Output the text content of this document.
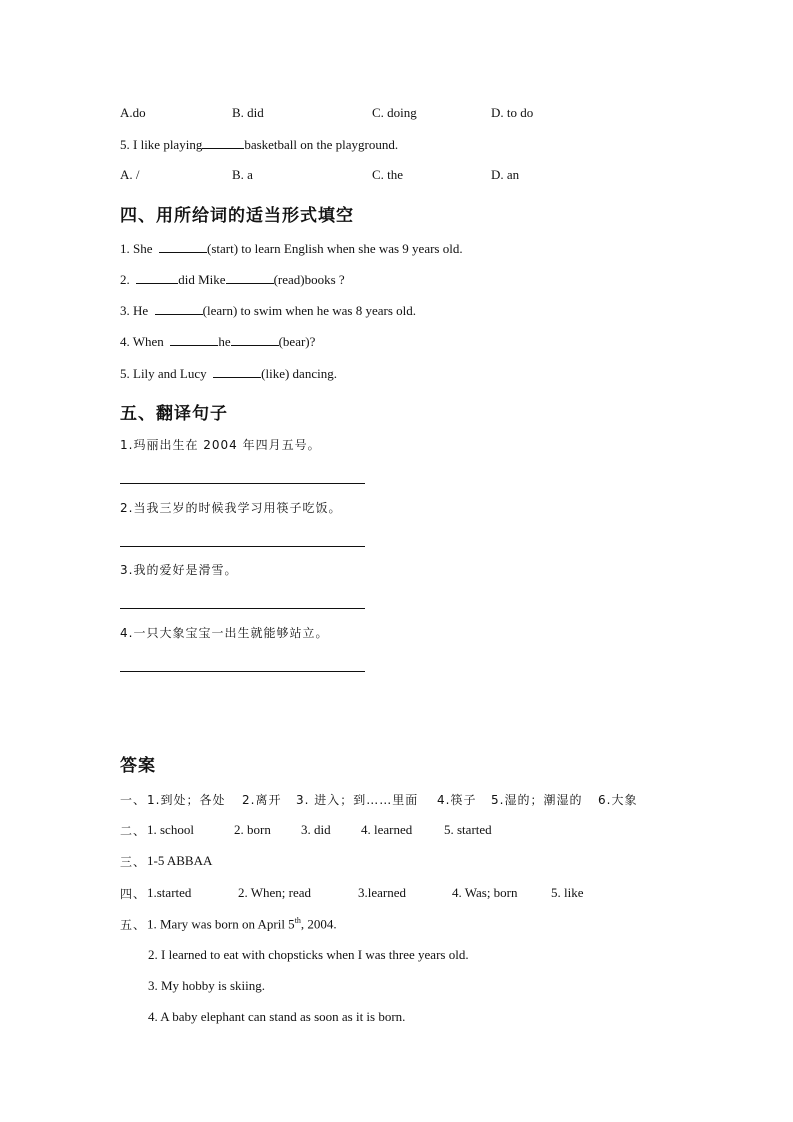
A.do	B. did	C. doing	D. to do
5. I like playing	basketball on the playground.
A. /	B. a	C. the	D. an
四、用所给词的适当形式填空
1. She	(start) to learn English when she was 9 years old.
2.	did Mike	(read)books ?
3. He	(learn) to swim when he was 8 years old.
4. When	he	(bear)?
5. Lily and Lucy	(like) dancing.
五、翻译句子
1.玛丽出生在 2004 年四月五号。
2.当我三岁的时候我学习用筷子吃饭。
3.我的爱好是滑雪。
4.一只大象宝宝一出生就能够站立。
答案
一、 1.到处；各处 2.离开 3. 进入；到……里面 4.筷子 5.湿的；潮湿的 6.大象
二、 1. school	2. born 3. did 4. learned 5. started
三、 1-5 ABBAA
四、 1.started	2. When; read	3.learned	4. Was; born	5. like
五、 1. Mary was born on April 5th, 2004.
2. I learned to eat with chopsticks when I was three years old.
3. My hobby is skiing.
4. A baby elephant can stand as soon as it is born.
